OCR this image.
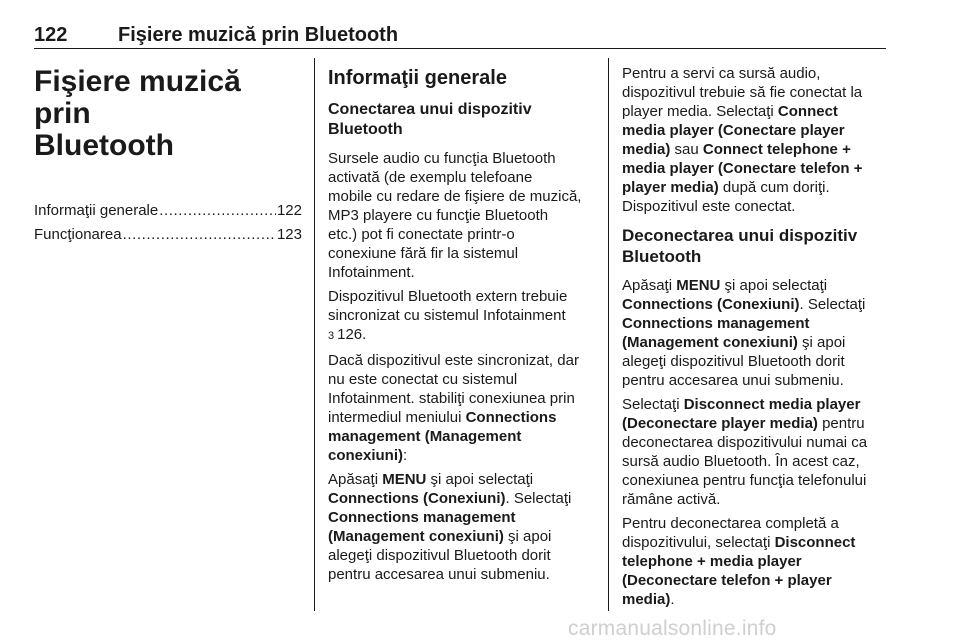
122	Fişiere muzică prin Bluetooth
Fişiere muzică prin
Bluetooth
Informaţii generale .....	122
Funcţionarea .....	123
Informaţii generale
Conectarea unui dispozitiv
Bluetooth

Sursele audio cu funcţia Bluetooth
activată (de exemplu telefoane
mobile cu redare de fişiere de muzică,
MP3 playere cu funcţie Bluetooth
etc.) pot fi conectate printr-o
conexiune fără fir la sistemul
Infotainment.

Dispozitivul Bluetooth extern trebuie
sincronizat cu sistemul Infotainment
3 126.

Dacă dispozitivul este sincronizat, dar
nu este conectat cu sistemul
Infotainment. stabiliţi conexiunea prin
intermediul meniului Connections
management (Management
conexiuni):

Apăsaţi MENU şi apoi selectaţi
Connections (Conexiuni). Selectaţi
Connections management
(Management conexiuni) şi apoi
alegeţi dispozitivul Bluetooth dorit
pentru accesarea unui submeniu.

Pentru a servi ca sursă audio,
dispozitivul trebuie să fie conectat la
player media. Selectaţi Connect
media player (Conectare player
media) sau Connect telephone +
media player (Conectare telefon +
player media) după cum doriţi.
Dispozitivul este conectat.

Deconectarea unui dispozitiv
Bluetooth

Apăsaţi MENU şi apoi selectaţi
Connections (Conexiuni). Selectaţi
Connections management
(Management conexiuni) şi apoi
alegeţi dispozitivul Bluetooth dorit
pentru accesarea unui submeniu.

Selectaţi Disconnect media player
(Deconectare player media) pentru
deconectarea dispozitivului numai ca
sursă audio Bluetooth. În acest caz,
conexiunea pentru funcţia telefonului
rămâne activă.

Pentru deconectarea completă a
dispozitivului, selectaţi Disconnect
telephone + media player
(Deconectare telefon + player
media).

carmanualsonline.info
